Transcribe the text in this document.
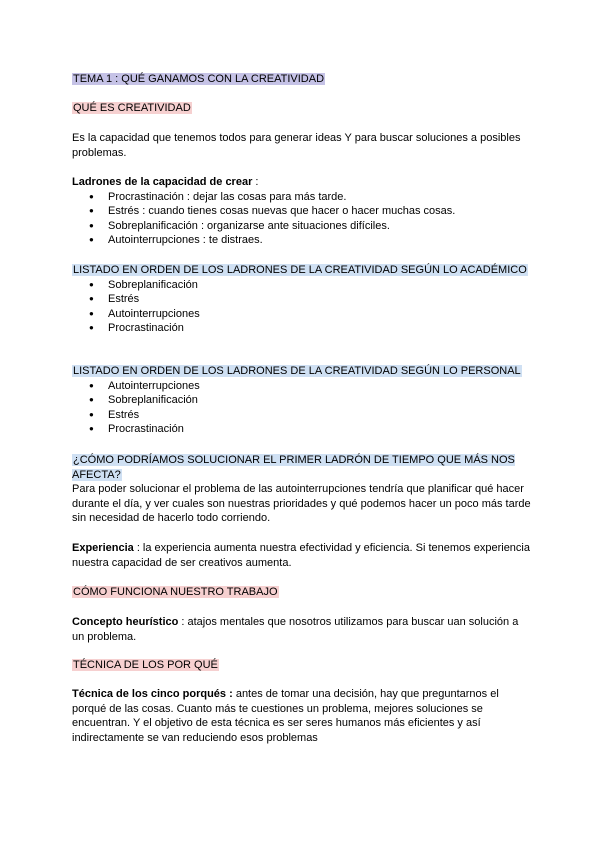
TEMA 1 : QUÉ GANAMOS CON LA CREATIVIDAD
QUÉ ES CREATIVIDAD

Es la capacidad que tenemos todos para generar ideas Y para buscar soluciones a posibles problemas.

Ladrones de la capacidad de crear :

● Procrastinación : dejar las cosas para más tarde.
● Estrés : cuando tienes cosas nuevas que hacer o hacer muchas cosas.
● Sobreplanificación : organizarse ante situaciones difíciles.
● Autointerrupciones : te distraes.

LISTADO EN ORDEN DE LOS LADRONES DE LA CREATIVIDAD SEGÚN LO ACADÉMICO

● Sobreplanificación
● Estrés
● Autointerrupciones
● Procrastinación

LISTADO EN ORDEN DE LOS LADRONES DE LA CREATIVIDAD SEGÚN LO PERSONAL

● Autointerrupciones
● Sobreplanificación
● Estrés
● Procrastinación

¿CÓMO PODRÍAMOS SOLUCIONAR EL PRIMER LADRÓN DE TIEMPO QUE MÁS NOS AFECTA?

Para poder solucionar el problema de las autointerrupciones tendría que planificar qué hacer durante el día, y ver cuales son nuestras prioridades y qué podemos hacer un poco más tarde sin necesidad de hacerlo todo corriendo.

Experiencia : la experiencia aumenta nuestra efectividad y eficiencia. Si tenemos experiencia nuestra capacidad de ser creativos aumenta.

CÓMO FUNCIONA NUESTRO TRABAJO

Concepto heurístico : atajos mentales que nosotros utilizamos para buscar uan solución a un problema.

TÉCNICA DE LOS POR QUÉ

Técnica de los cinco porqués : antes de tomar una decisión, hay que preguntarnos el porqué de las cosas. Cuanto más te cuestiones un problema, mejores soluciones se encuentran. Y el objetivo de esta técnica es ser seres humanos más eficientes y así indirectamente se van reduciendo esos problemas
